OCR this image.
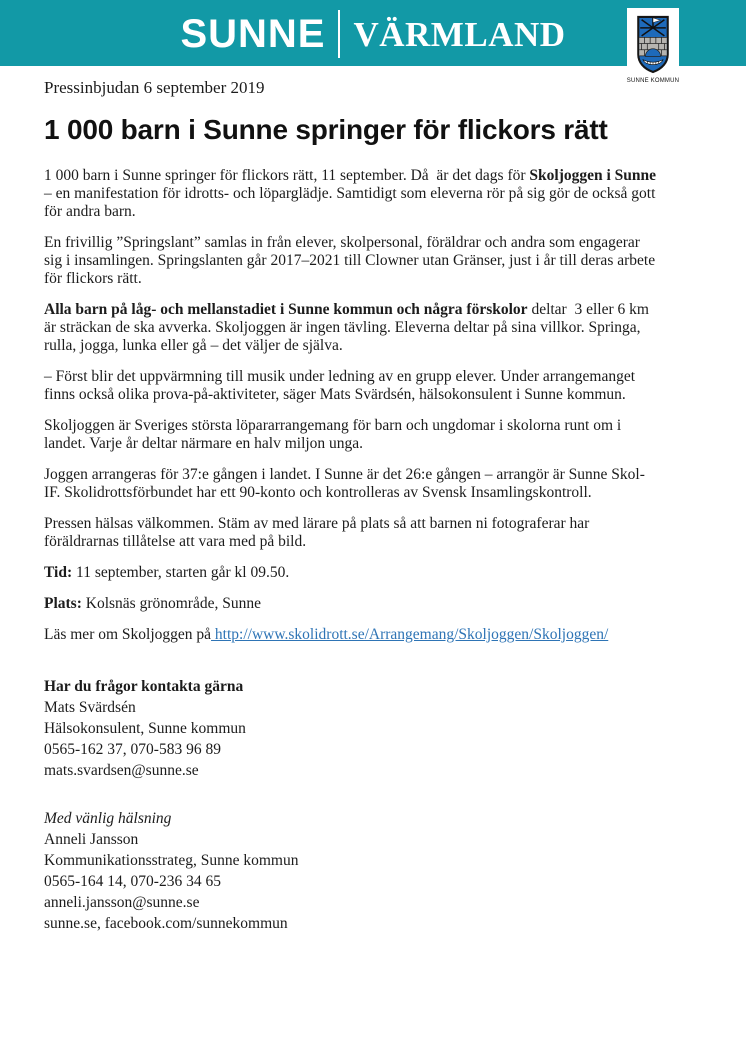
SUNNE VÄRMLAND
SUNNE KOMMUN
Pressinbjudan 6 september 2019
1 000 barn i Sunne springer för flickors rätt

1 000 barn i Sunne springer för flickors rätt, 11 september. Då  är det dags för Skoljoggen i Sunne – en manifestation för idrotts- och löparglädje. Samtidigt som eleverna rör på sig gör de också gott för andra barn.

En frivillig ”Springslant” samlas in från elever, skolpersonal, föräldrar och andra som engagerar sig i insamlingen. Springslanten går 2017–2021 till Clowner utan Gränser, just i år till deras arbete för flickors rätt.

Alla barn på låg- och mellanstadiet i Sunne kommun och några förskolor deltar  3 eller 6 km är sträckan de ska avverka. Skoljoggen är ingen tävling. Eleverna deltar på sina villkor. Springa, rulla, jogga, lunka eller gå – det väljer de själva.

– Först blir det uppvärmning till musik under ledning av en grupp elever. Under arrangemanget finns också olika prova-på-aktiviteter, säger Mats Svärdsén, hälsokonsulent i Sunne kommun.

Skoljoggen är Sveriges största löpararrangemang för barn och ungdomar i skolorna runt om i landet. Varje år deltar närmare en halv miljon unga.

Joggen arrangeras för 37:e gången i landet. I Sunne är det 26:e gången – arrangör är Sunne Skol-IF. Skolidrottsförbundet har ett 90-konto och kontrolleras av Svensk Insamlingskontroll.

Pressen hälsas välkommen. Stäm av med lärare på plats så att barnen ni fotograferar har föräldrarnas tillåtelse att vara med på bild.

Tid: 11 september, starten går kl 09.50.

Plats: Kolsnäs grönområde, Sunne

Läs mer om Skoljoggen på http://www.skolidrott.se/Arrangemang/Skoljoggen/Skoljoggen/

Har du frågor kontakta gärna
Mats Svärdsén
Hälsokonsulent, Sunne kommun
0565-162 37, 070-583 96 89
mats.svardsen@sunne.se
Med vänlig hälsning
Anneli Jansson
Kommunikationsstrateg, Sunne kommun
0565-164 14, 070-236 34 65
anneli.jansson@sunne.se
sunne.se, facebook.com/sunnekommun
